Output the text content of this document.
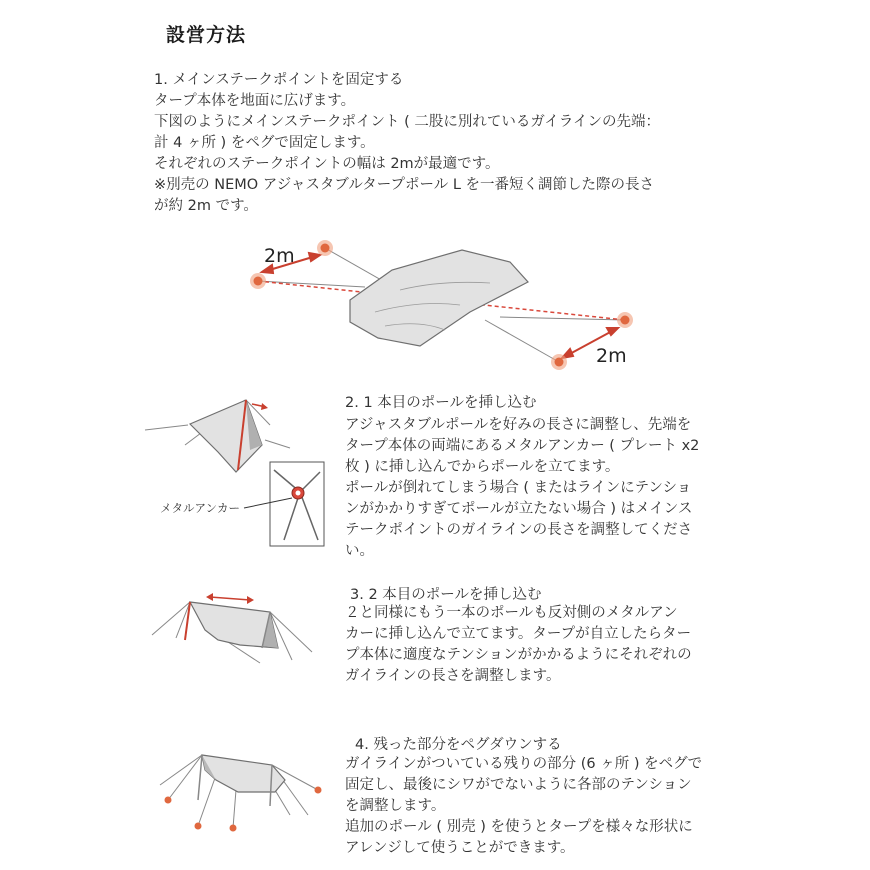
設営方法
1. メインステークポイントを固定する
タープ本体を地面に広げます。
下図のようにメインステークポイント ( 二股に別れているガイラインの先端：
計 4 ヶ所 ) をペグで固定します。
それぞれのステークポイントの幅は 2mが最適です。
※別売の NEMO アジャスタブルタープポール L を一番短く調節した際の長さ
が約 2m です。
2m
2m
2. 1 本目のポールを挿し込む
アジャスタブルポールを好みの長さに調整し、先端を
タープ本体の両端にあるメタルアンカー ( プレート x2
枚 ) に挿し込んでからポールを立てます。
ポールが倒れてしまう場合 ( またはラインにテンショ
ンがかかりすぎてポールが立たない場合 ) はメインス
テークポイントのガイラインの長さを調整してくださ
い。
メタルアンカー
3. 2 本目のポールを挿し込む
２と同様にもう一本のポールも反対側のメタルアン
カーに挿し込んで立てます。タープが自立したらター
プ本体に適度なテンションがかかるようにそれぞれの
ガイラインの長さを調整します。
4. 残った部分をペグダウンする
ガイラインがついている残りの部分 (6 ヶ所 ) をペグで
固定し、最後にシワがでないように各部のテンション
を調整します。
追加のポール ( 別売 ) を使うとタープを様々な形状に
アレンジして使うことができます。
